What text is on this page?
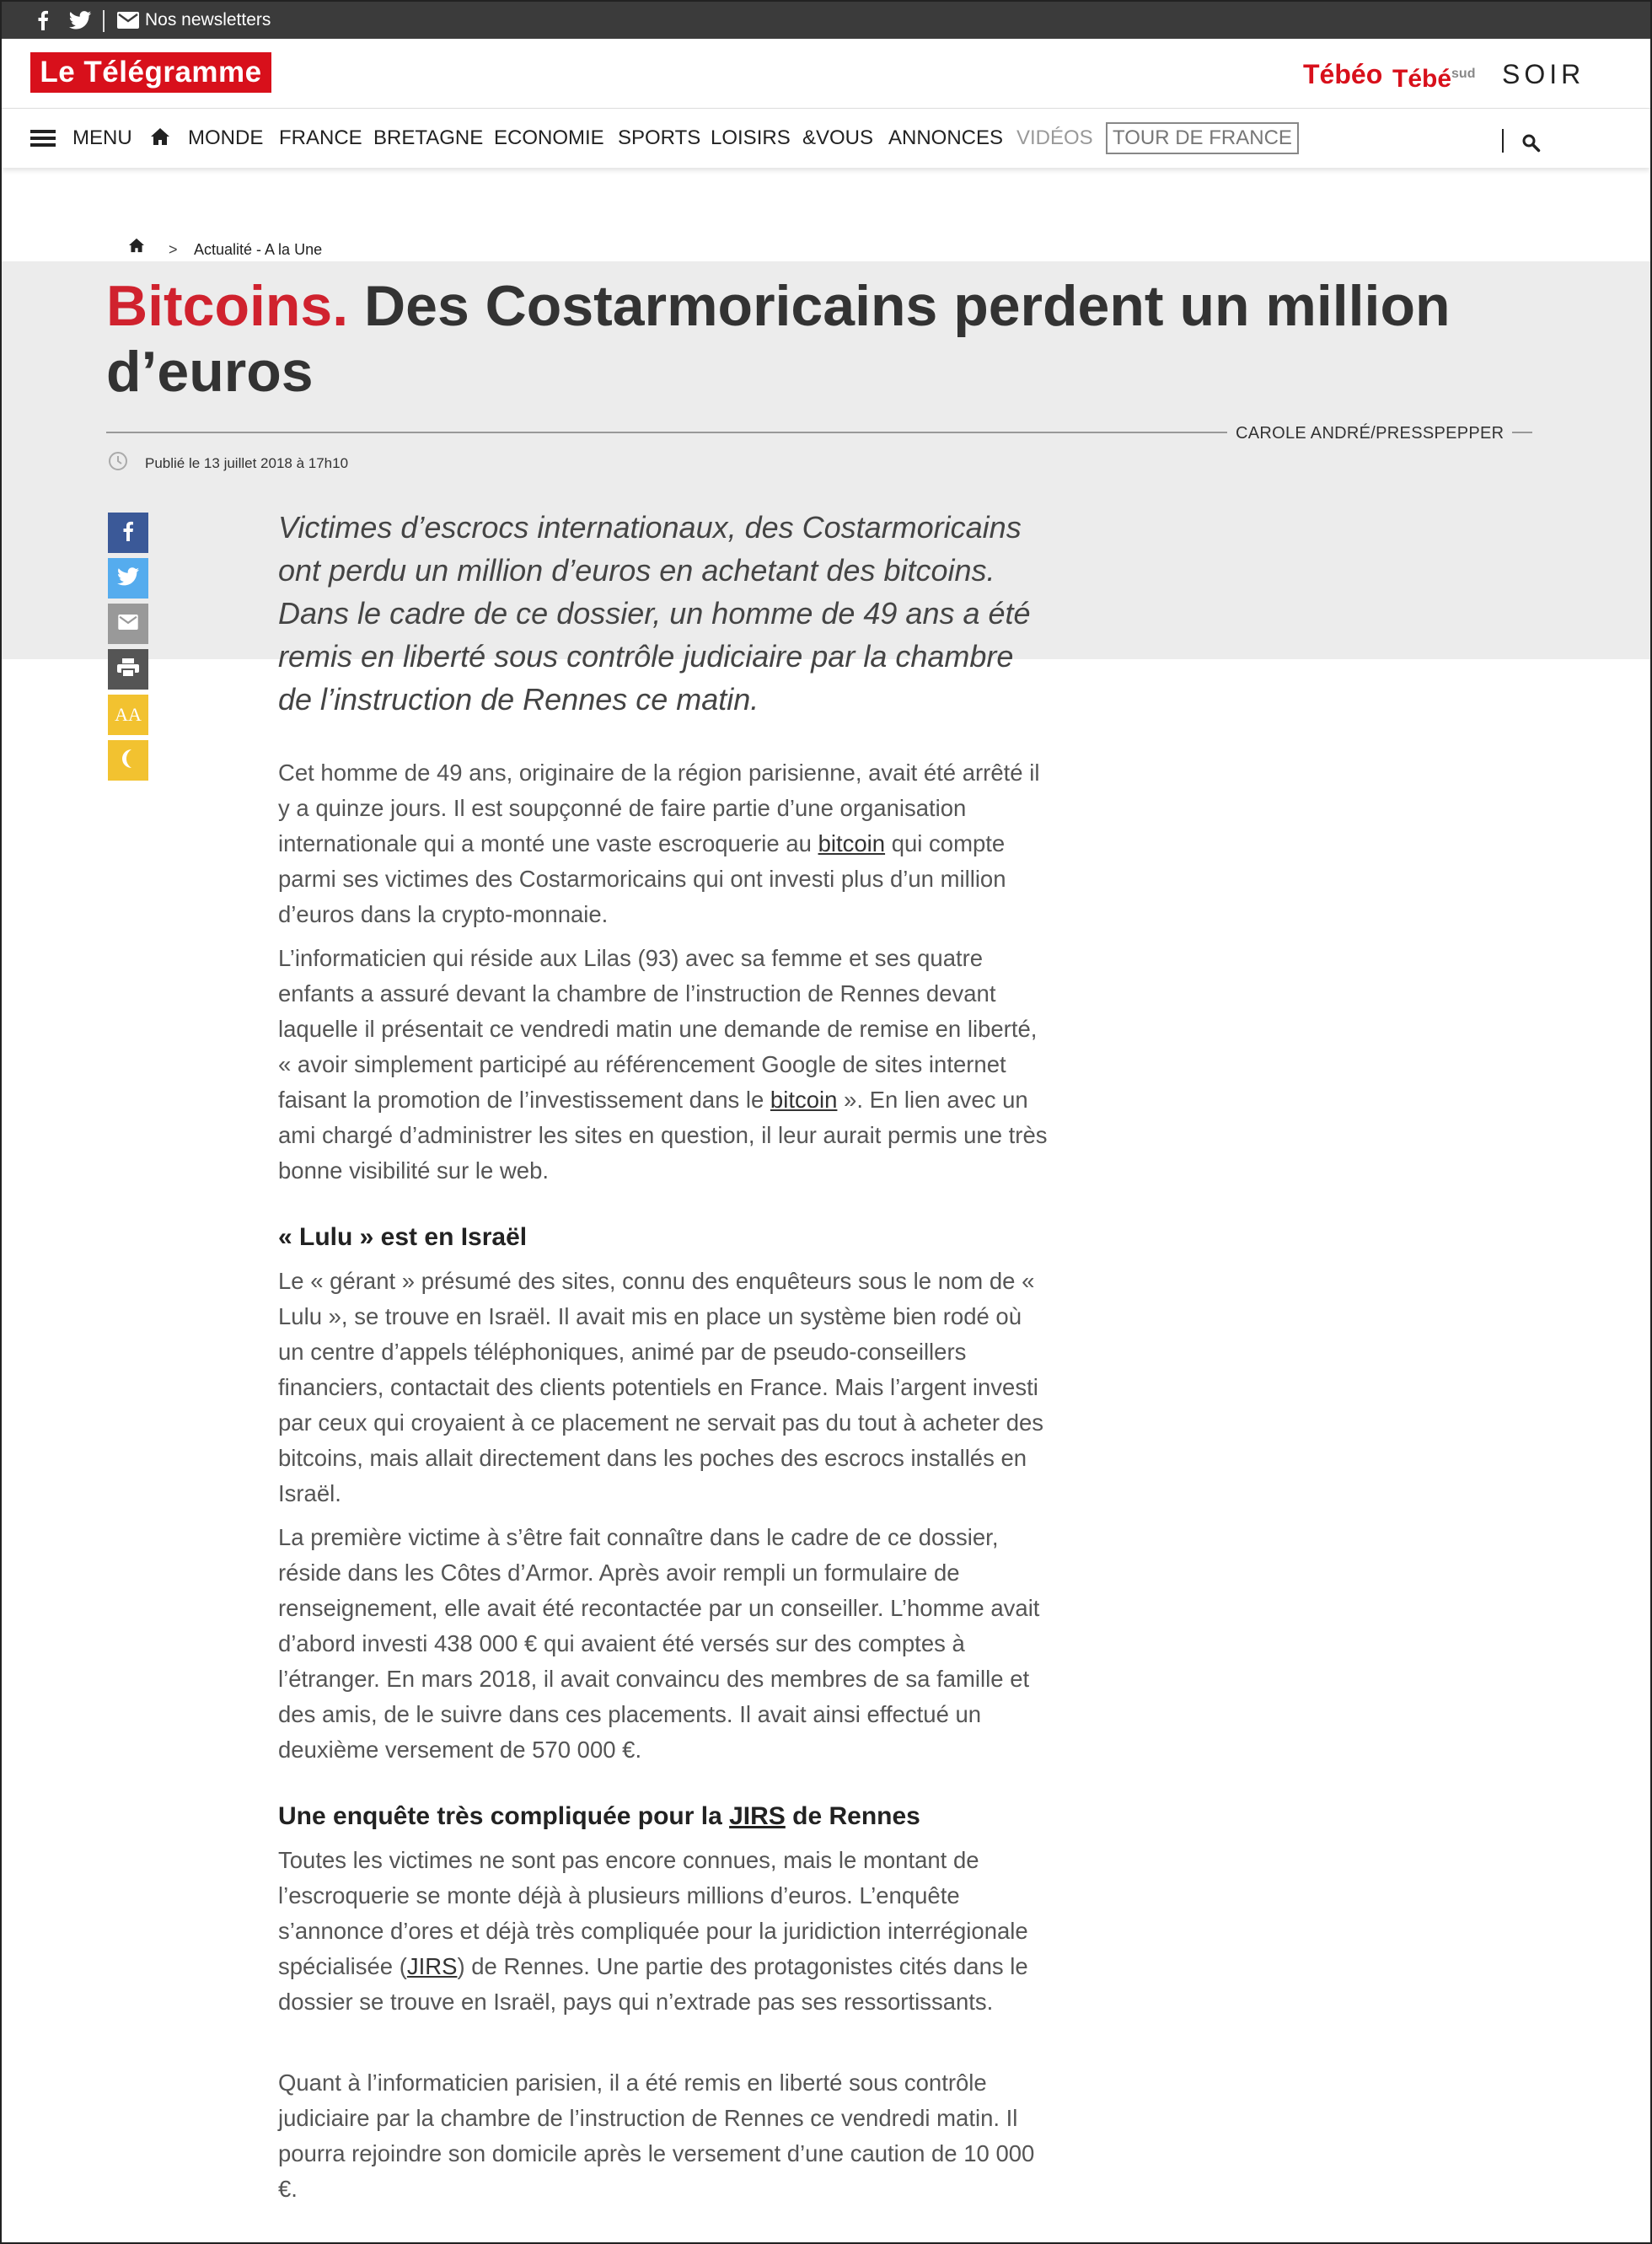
Nos newsletters
Le Télégramme	Tébéo Tébé$^{sud}$ SOIR
MENU	MONDE FRANCE BRETAGNE ECONOMIE SPORTS LOISIRS &VOUS ANNONCES VIDÉOS TOUR DE FRANCE
> Actualité - A la Une
Bitcoins. Des Costarmoricains perdent un million d’euros
CAROLE ANDRÉ/PRESSPEPPER
Publié le 13 juillet 2018 à 17h10
AA

Victimes d’escrocs internationaux, des Costarmoricains ont perdu un million d’euros en achetant des bitcoins. Dans le cadre de ce dossier, un homme de 49 ans a été remis en liberté sous contrôle judiciaire par la chambre de l’instruction de Rennes ce matin.

Cet homme de 49 ans, originaire de la région parisienne, avait été arrêté il y a quinze jours. Il est soupçonné de faire partie d’une organisation internationale qui a monté une vaste escroquerie au bitcoin qui compte parmi ses victimes des Costarmoricains qui ont investi plus d’un million d’euros dans la crypto-monnaie.

L’informaticien qui réside aux Lilas (93) avec sa femme et ses quatre enfants a assuré devant la chambre de l’instruction de Rennes devant laquelle il présentait ce vendredi matin une demande de remise en liberté, « avoir simplement participé au référencement Google de sites internet faisant la promotion de l’investissement dans le bitcoin ». En lien avec un ami chargé d’administrer les sites en question, il leur aurait permis une très bonne visibilité sur le web.

« Lulu » est en Israël

Le « gérant » présumé des sites, connu des enquêteurs sous le nom de « Lulu », se trouve en Israël. Il avait mis en place un système bien rodé où un centre d’appels téléphoniques, animé par de pseudo-conseillers financiers, contactait des clients potentiels en France. Mais l’argent investi par ceux qui croyaient à ce placement ne servait pas du tout à acheter des bitcoins, mais allait directement dans les poches des escrocs installés en Israël.

La première victime à s’être fait connaître dans le cadre de ce dossier, réside dans les Côtes d’Armor. Après avoir rempli un formulaire de renseignement, elle avait été recontactée par un conseiller. L’homme avait d’abord investi 438 000 € qui avaient été versés sur des comptes à l’étranger. En mars 2018, il avait convaincu des membres de sa famille et des amis, de le suivre dans ces placements. Il avait ainsi effectué un deuxième versement de 570 000 €.

Une enquête très compliquée pour la JIRS de Rennes

Toutes les victimes ne sont pas encore connues, mais le montant de l’escroquerie se monte déjà à plusieurs millions d’euros. L’enquête s’annonce d’ores et déjà très compliquée pour la juridiction interrégionale spécialisée (JIRS) de Rennes. Une partie des protagonistes cités dans le dossier se trouve en Israël, pays qui n’extrade pas ses ressortissants.

Quant à l’informaticien parisien, il a été remis en liberté sous contrôle judiciaire par la chambre de l’instruction de Rennes ce vendredi matin. Il pourra rejoindre son domicile après le versement d’une caution de 10 000 €.
